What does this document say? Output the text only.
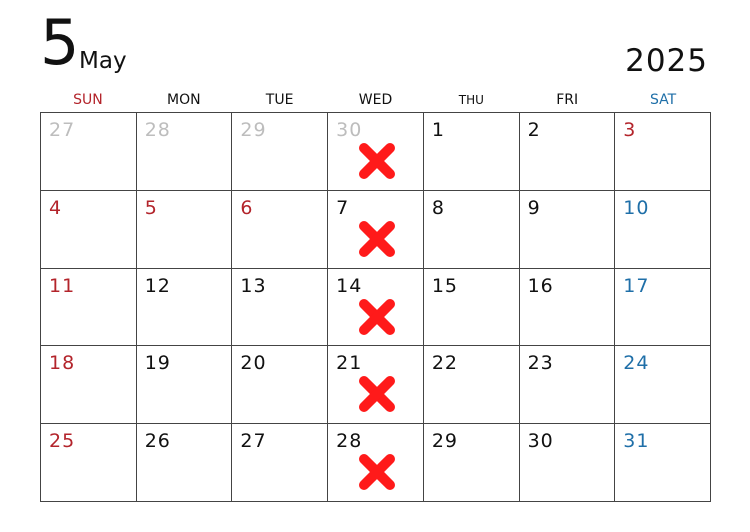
5 May	2025
SUN	MON	TUE	WED	THU	FRI	SAT
27	28	29	30	1	2	3
4	5	6	7	8	9	10
11	12	13	14	15	16	17
18	19	20	21	22	23	24
25	26	27	28	29	30	31
